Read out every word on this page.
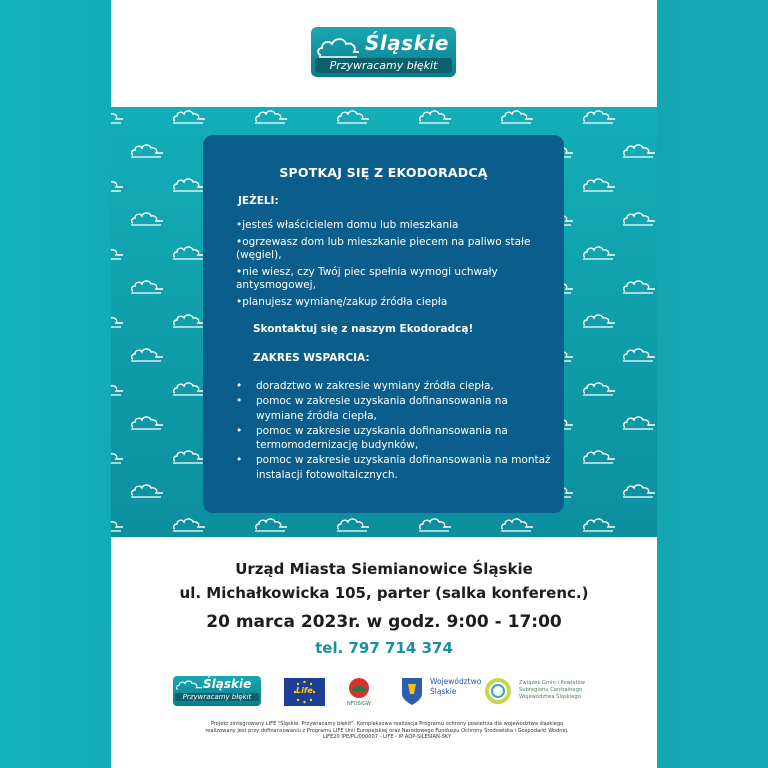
Śląskie
Przywracamy błękit
SPOTKAJ SIĘ Z EKODORADCĄ
JEŻELI:
•jesteś właścicielem domu lub mieszkania
•ogrzewasz dom lub mieszkanie piecem na paliwo stałe (węgiel),
•nie wiesz, czy Twój piec spełnia wymogi uchwały antysmogowej,
•planujesz wymianę/zakup źródła ciepła
Skontaktuj się z naszym Ekodoradcą!
ZAKRES WSPARCIA:
• doradztwo w zakresie wymiany źródła ciepła,
• pomoc w zakresie uzyskania dofinansowania na wymianę źródła ciepła,
• pomoc w zakresie uzyskania dofinansowania na termomodernizację budynków,
• pomoc w zakresie uzyskania dofinansowania na montaż instalacji fotowoltaicznych.
Urząd Miasta Siemianowice Śląskie
ul. Michałkowicka 105, parter (salka konferenc.)
20 marca 2023r. w godz. 9:00 - 17:00
tel. 797 714 374
Śląskie
Przywracamy błękit
Life
NFOŚiGW
Województwo
Śląskie
Związek Gmin i Powiatów
Subregionu Centralnego
Województwa Śląskiego
Projekt zintegrowany LIFE "Śląskie. Przywracamy błękit". Kompleksowa realizacja Programu ochrony powietrza dla województwa śląskiego
realizowany jest przy dofinansowaniu z Programu LIFE Unii Europejskiej oraz Narodowego Funduszu Ochrony Środowiska i Gospodarki Wodnej.
LIFE20 IPE/PL/000007 - LIFE - IP AQP-SILESIAN-SKY
